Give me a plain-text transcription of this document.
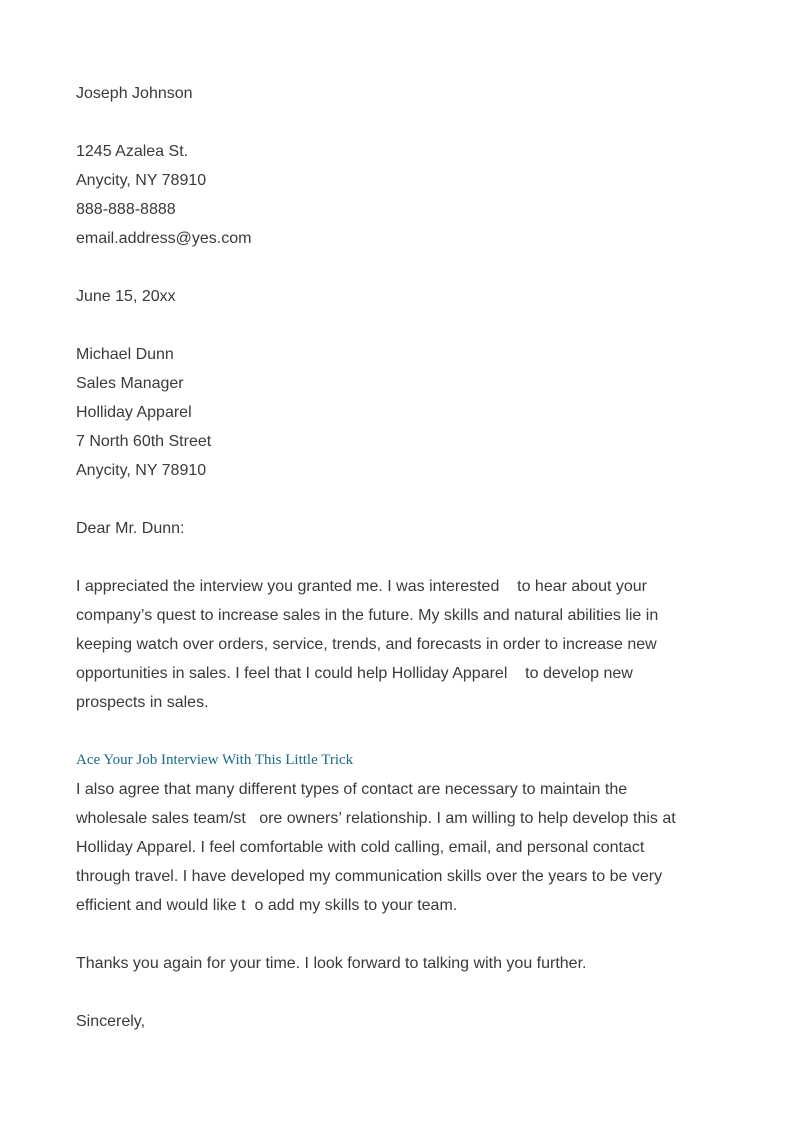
Joseph Johnson
1245 Azalea St.
Anycity, NY 78910
888-888-8888
email.address@yes.com
June 15, 20xx
Michael Dunn
Sales Manager
Holliday Apparel
7 North 60th Street
Anycity, NY 78910
Dear Mr. Dunn:
I appreciated the interview you granted me. I was interested    to hear about your
company’s quest to increase sales in the future. My skills and natural abilities lie in
keeping watch over orders, service, trends, and forecasts in order to increase new
opportunities in sales. I feel that I could help Holliday Apparel    to develop new
prospects in sales.
Ace Your Job Interview With This Little Trick
I also agree that many different types of contact are necessary to maintain the
wholesale sales team/st   ore owners’ relationship. I am willing to help develop this at
Holliday Apparel. I feel comfortable with cold calling, email, and personal contact
through travel. I have developed my communication skills over the years to be very
efficient and would like t  o add my skills to your team.
Thanks you again for your time. I look forward to talking with you further.
Sincerely,
